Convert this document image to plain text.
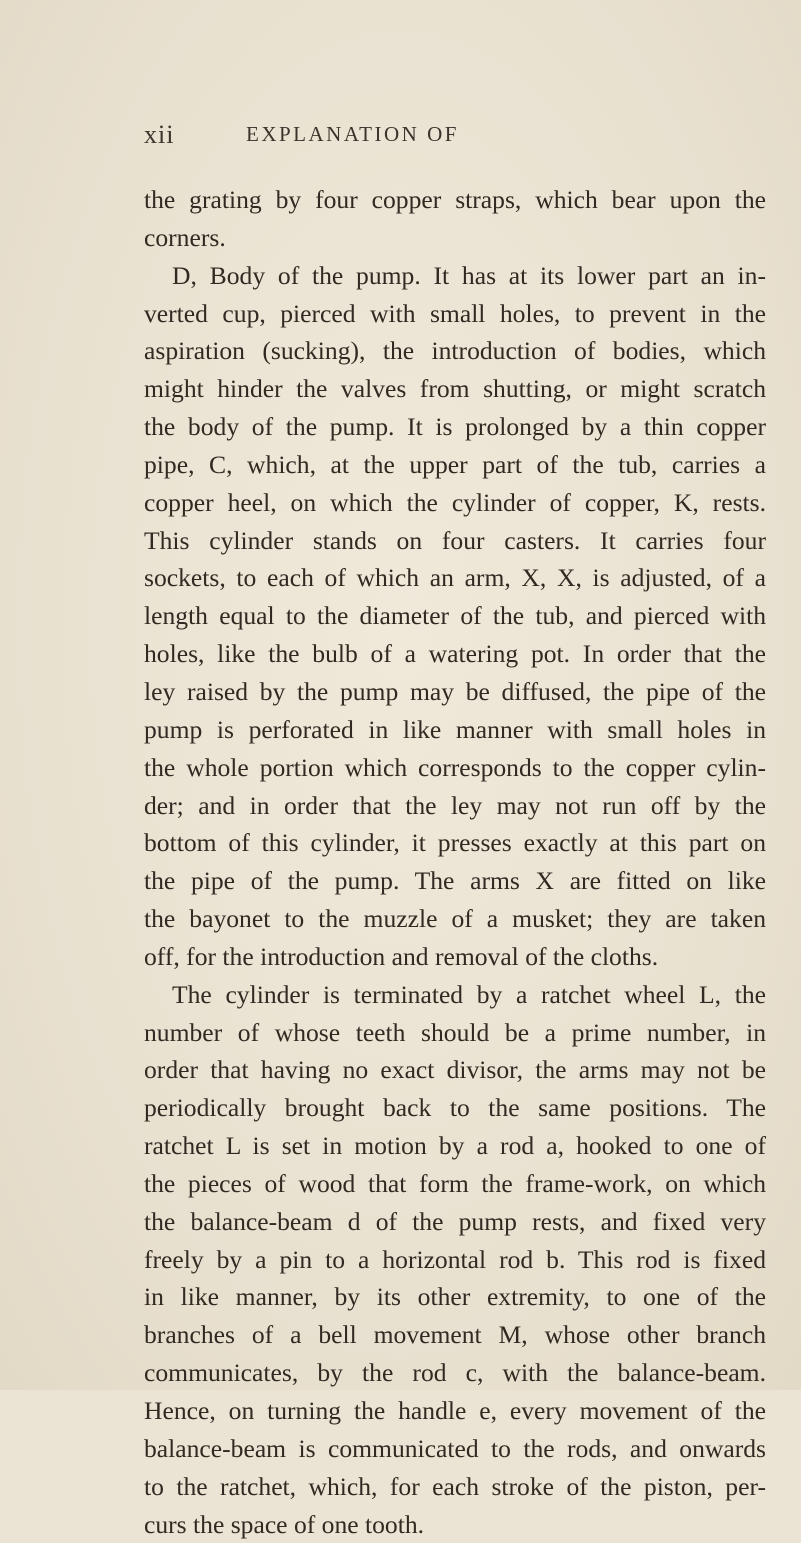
xii	EXPLANATION OF
the grating by four copper straps, which bear upon the
corners.
D, Body of the pump. It has at its lower part an in-
verted cup, pierced with small holes, to prevent in the
aspiration (sucking), the introduction of bodies, which
might hinder the valves from shutting, or might scratch
the body of the pump. It is prolonged by a thin copper
pipe, C, which, at the upper part of the tub, carries a
copper heel, on which the cylinder of copper, K, rests.
This cylinder stands on four casters. It carries four
sockets, to each of which an arm, X, X, is adjusted, of a
length equal to the diameter of the tub, and pierced with
holes, like the bulb of a watering pot. In order that the
ley raised by the pump may be diffused, the pipe of the
pump is perforated in like manner with small holes in
the whole portion which corresponds to the copper cylin-
der; and in order that the ley may not run off by the
bottom of this cylinder, it presses exactly at this part on
the pipe of the pump. The arms X are fitted on like
the bayonet to the muzzle of a musket; they are taken
off, for the introduction and removal of the cloths.
The cylinder is terminated by a ratchet wheel L, the
number of whose teeth should be a prime number, in
order that having no exact divisor, the arms may not be
periodically brought back to the same positions. The
ratchet L is set in motion by a rod a, hooked to one of
the pieces of wood that form the frame-work, on which
the balance-beam d of the pump rests, and fixed very
freely by a pin to a horizontal rod b. This rod is fixed
in like manner, by its other extremity, to one of the
branches of a bell movement M, whose other branch
communicates, by the rod c, with the balance-beam.
Hence, on turning the handle e, every movement of the
balance-beam is communicated to the rods, and onwards
to the ratchet, which, for each stroke of the piston, per-
curs the space of one tooth.
